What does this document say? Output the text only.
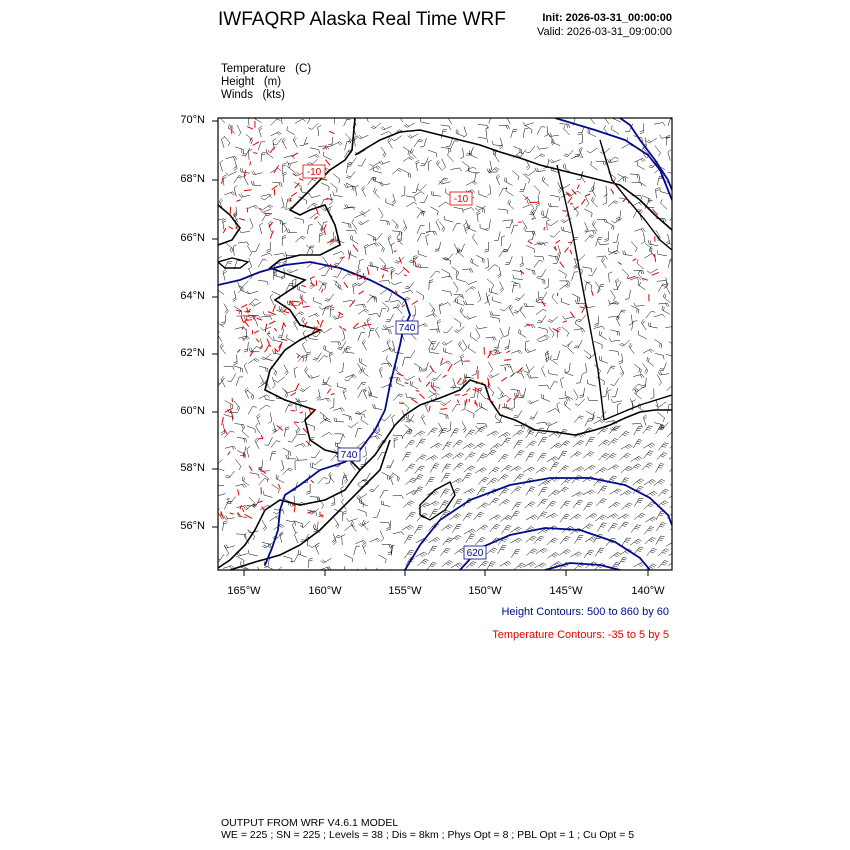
IWFAQRP Alaska Real Time WRF	Init: 2026-03-31_00:00:00
Valid: 2026-03-31_09:00:00
Temperature (C)
Height (m)
Winds (kts)
-10
-10
740
740
620
70°N
68°N
66°N
64°N
62°N
60°N
58°N
56°N
165°W	160°W	155°W	150°W	145°W	140°W
Height Contours: 500 to 860 by 60
Temperature Contours: -35 to 5 by 5
OUTPUT FROM WRF V4.6.1 MODEL
WE = 225 ; SN = 225 ; Levels = 38 ; Dis = 8km ; Phys Opt = 8 ; PBL Opt = 1 ; Cu Opt = 5
